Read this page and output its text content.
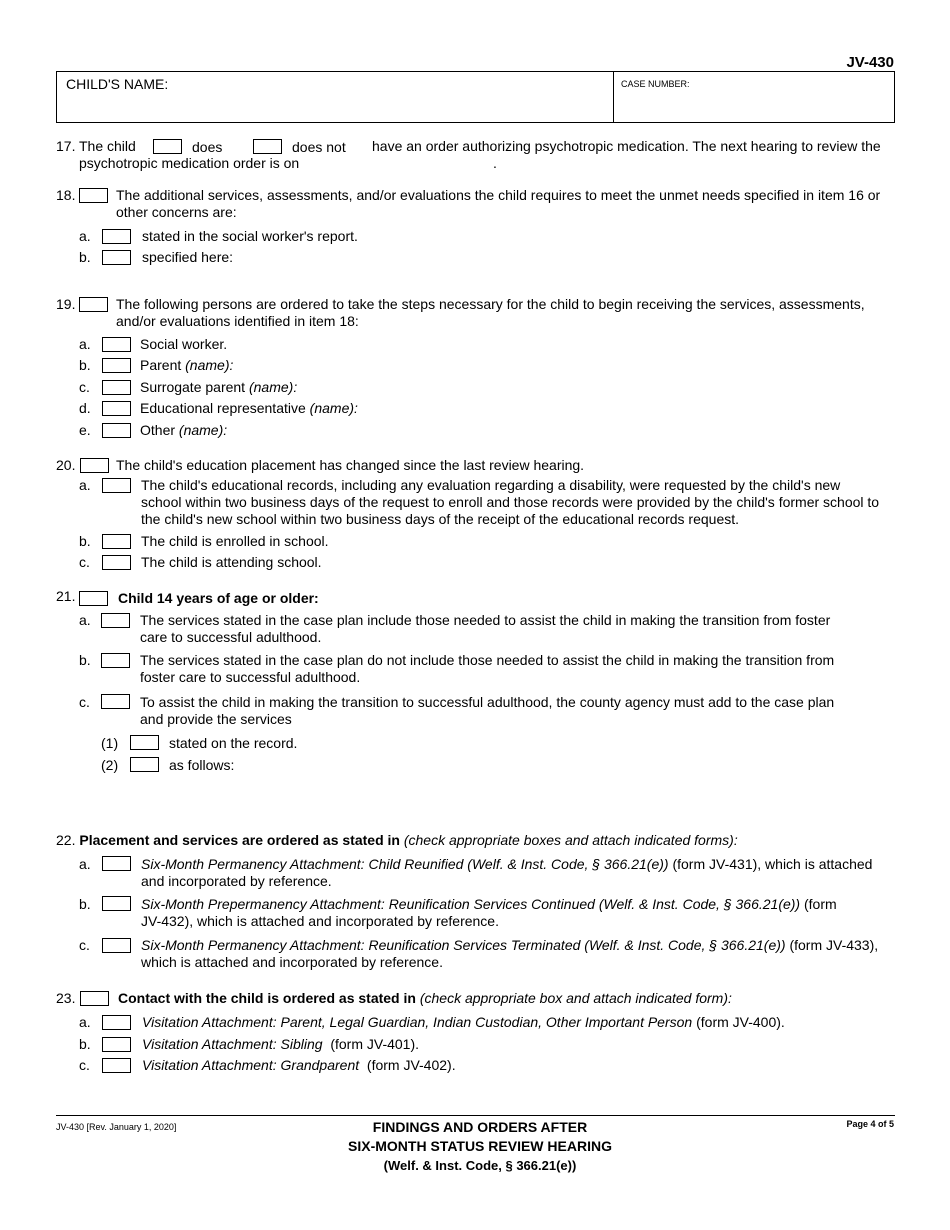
JV-430
CHILD'S NAME:	CASE NUMBER:
17. The child	does	does not have an order authorizing psychotropic medication. The next hearing to review the
psychotropic medication order is on	.
18.	The additional services, assessments, and/or evaluations the child requires to meet the unmet needs specified in item 16 or
other concerns are:
a.	stated in the social worker's report.
b.	specified here:
19.	The following persons are ordered to take the steps necessary for the child to begin receiving the services, assessments,
and/or evaluations identified in item 18:
a.	Social worker.
b.	Parent (name):
c.	Surrogate parent (name):
d.	Educational representative (name):
e.	Other (name):
20.	The child's education placement has changed since the last review hearing.
a.	The child's educational records, including any evaluation regarding a disability, were requested by the child's new
school within two business days of the request to enroll and those records were provided by the child's former school to
the child's new school within two business days of the receipt of the educational records request.
b.	The child is enrolled in school.
c.	The child is attending school.
21.	Child 14 years of age or older:
a.	The services stated in the case plan include those needed to assist the child in making the transition from foster
care to successful adulthood.
b.	The services stated in the case plan do not include those needed to assist the child in making the transition from
foster care to successful adulthood.
c.	To assist the child in making the transition to successful adulthood, the county agency must add to the case plan
and provide the services
(1)	stated on the record.
(2)	as follows:
22. Placement and services are ordered as stated in (check appropriate boxes and attach indicated forms):
a.	Six-Month Permanency Attachment: Child Reunified (Welf. & Inst. Code, § 366.21(e)) (form JV-431), which is attached
and incorporated by reference.
b.	Six-Month Prepermanency Attachment: Reunification Services Continued (Welf. & Inst. Code, § 366.21(e)) (form
JV-432), which is attached and incorporated by reference.
c.	Six-Month Permanency Attachment: Reunification Services Terminated (Welf. & Inst. Code, § 366.21(e)) (form JV-433),
which is attached and incorporated by reference.
23.	Contact with the child is ordered as stated in (check appropriate box and attach indicated form):
a.	Visitation Attachment: Parent, Legal Guardian, Indian Custodian, Other Important Person (form JV-400).
b.	Visitation Attachment: Sibling (form JV-401).
c.	Visitation Attachment: Grandparent (form JV-402).
JV-430 [Rev. January 1, 2020]	FINDINGS AND ORDERS AFTER
SIX-MONTH STATUS REVIEW HEARING
(Welf. & Inst. Code, § 366.21(e))
Page 4 of 5
